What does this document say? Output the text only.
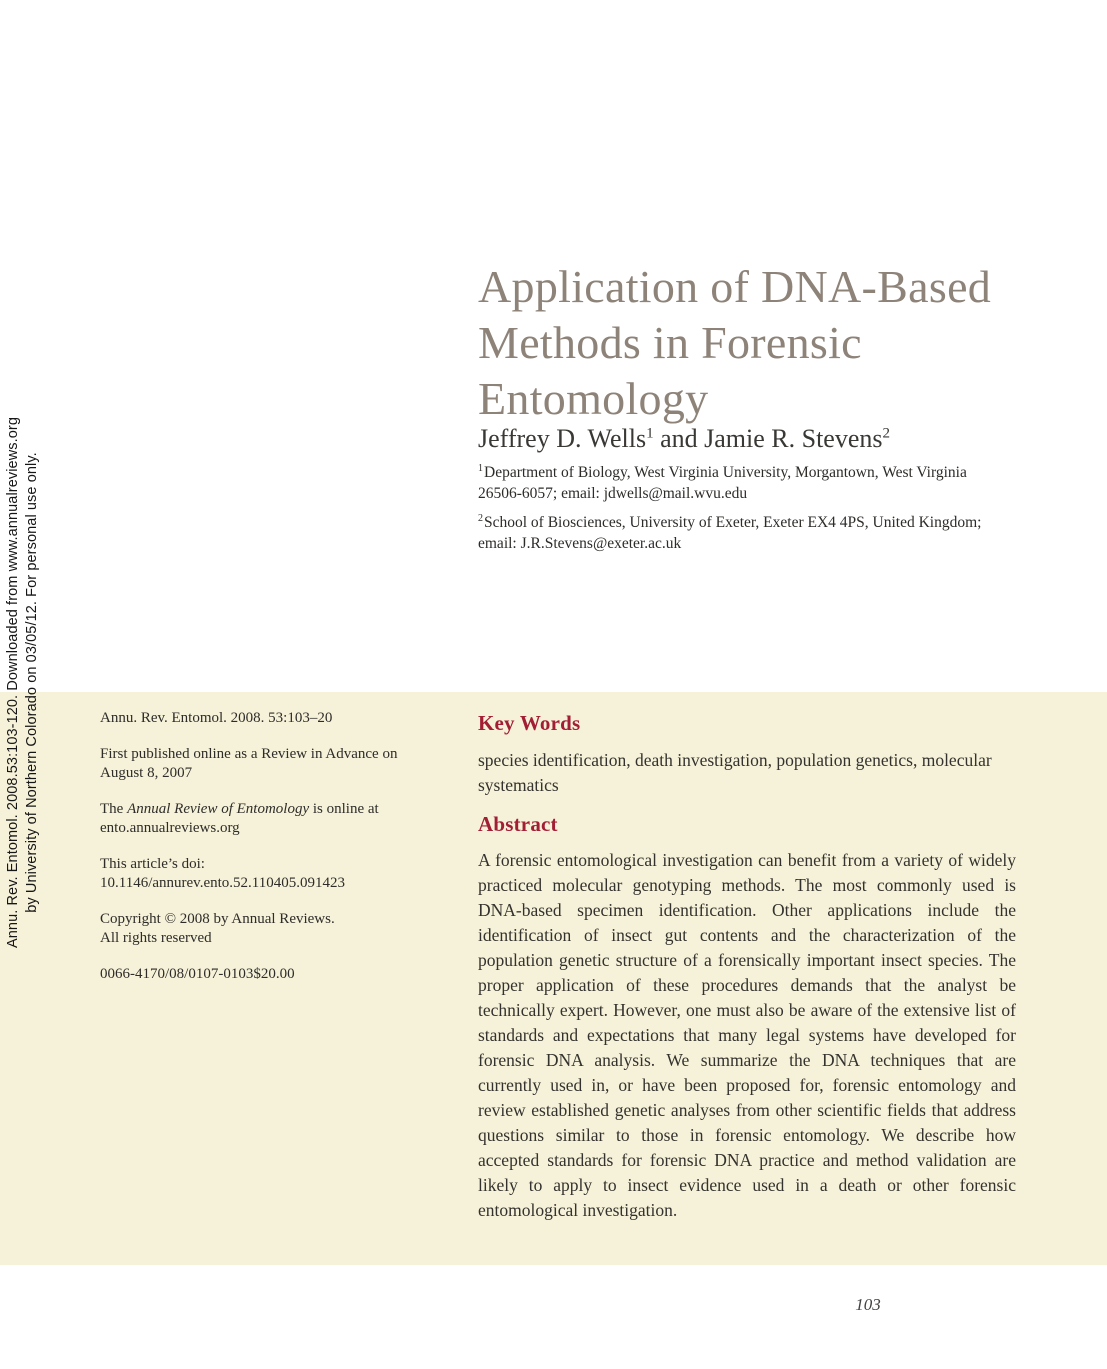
Annu. Rev. Entomol. 2008.53:103-120. Downloaded from www.annualreviews.org by University of Northern Colorado on 03/05/12. For personal use only.
Application of DNA-Based Methods in Forensic Entomology
Jeffrey D. Wells$^1$ and Jamie R. Stevens$^2$

$^1$Department of Biology, West Virginia University, Morgantown, West Virginia 26506-6057; email: jdwells@mail.wvu.edu

$^2$School of Biosciences, University of Exeter, Exeter EX4 4PS, United Kingdom; email: J.R.Stevens@exeter.ac.uk

Annu. Rev. Entomol. 2008. 53:103–20

First published online as a Review in Advance on
August 8, 2007

The Annual Review of Entomology is online at
ento.annualreviews.org

This article’s doi:
10.1146/annurev.ento.52.110405.091423

Copyright © 2008 by Annual Reviews.
All rights reserved

0066-4170/08/0107-0103$20.00

Key Words

species identification, death investigation, population genetics, molecular systematics

Abstract

A forensic entomological investigation can benefit from a variety of widely practiced molecular genotyping methods. The most commonly used is DNA-based specimen identification. Other applications include the identification of insect gut contents and the characterization of the population genetic structure of a forensically important insect species. The proper application of these procedures demands that the analyst be technically expert. However, one must also be aware of the extensive list of standards and expectations that many legal systems have developed for forensic DNA analysis. We summarize the DNA techniques that are currently used in, or have been proposed for, forensic entomology and review established genetic analyses from other scientific fields that address questions similar to those in forensic entomology. We describe how accepted standards for forensic DNA practice and method validation are likely to apply to insect evidence used in a death or other forensic entomological investigation.

103
